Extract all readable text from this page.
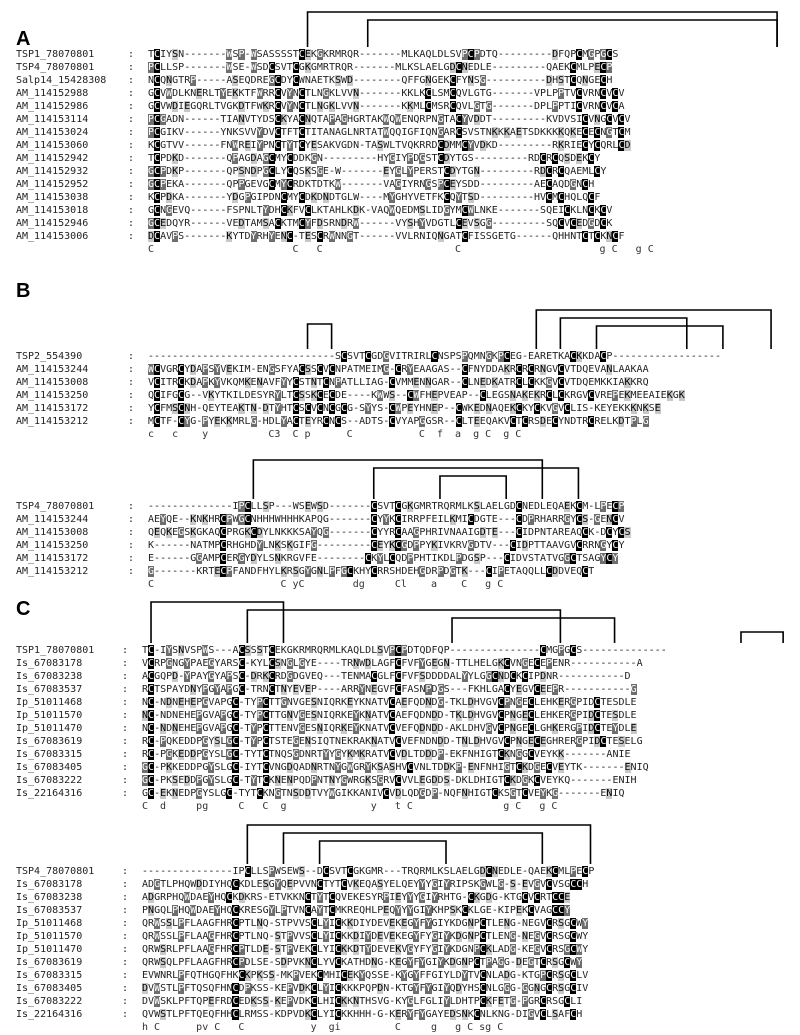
A
TSP1_78070801	: TCIYSN-------WSP-WSASSSSTCEKGKRMRQR-------MLKAQLDLSVPCPDTQ---------DFQPCMGPGCS
TSP4_78070801	: PCLLSP-------WSE-WSDCSVTCGKGMRTRQR-------MLKSLAELGDCNEDLE---------QAEKCMLPECP
Salp14_15428308 : NCQNGTRP-----ASEQDREGCDYCWNAETKSWD--------QFFGNGEKCFYNSG----------DHSTCQNGECH
AM_114152988	: GCVWDLKNERLTYEKKTFWRRCVYNCTLNGKLVVN-------KKLKCLSMCQVLGTG-------VPLPPTVCVRNCVCV
AM_114152986	: GCVWDIEGQRLTVGKDTFWKRCVYNCTLNGKLVVN-------KKMLCMSRCQVLGTG-------DPLPPTICVRNCVCA
AM_114153114	: PCGADN------TIANVTYDSCKYACNQTAPAGHGRTAKWQWENQRPNGTACYVDDT---------KVDVSICVNGCVCV
AM_114153024	: PCGIKV------YNKSVVYDVCTFTCTITANAGLNRTATWQQIGFIQNGARCSVSTNKKKAETSDKKKKQKECECNGTCM
AM_114153060	: KCGTVV------FNWREIYPNCTYTCYESAKVGDN-TASWLTVQKRRDCDMMCYVDKD---------RKRIECYCQRLCD
AM_114152942	: TCPDKD-------QPAGDAGCMYCDDKGN---------HYGIYPDGSTCDYTGS---------RDCRCQSDEKCY
AM_114152932	: GCPDKP-------QPSNDPGCLYCQSKSGE-W-------EYGLYPERSTCDYTGN---------RDCRCQAEMLCY
AM_114152952	: GCPEKA-------QPPGEVGCMYCRDKTDTKW-------VAGIYRNGSPCEYSDD---------AECAQDGNCH
AM_114153038	: KCPDKA-------YDGPGIPDNCMYCDKDNDTGLW----MYGHYVETFKCQYTSD---------HVCMCHQLQCF
AM_114153018	: GCNGEVQ------FSPNLTYDHCKFVCLKTAHLKDK-VAQWQEDMSLIDGYMCWLNKE-------SQEICKLNCKCV
AM_114152946	: GCEDQYR------VEDTAMSACKTMCYFDSRNDRW------VYSHYVDGTLCEVSGG---------SQCVCEDGDCK
AM_114153006	: DCAVPS-------KYTDYRHYENC-TESCRWNNGT------VVLRNIQNGATCFISSGETG------QHHNTCTCKNCF
C                       C   C                      C                       g C   g C
B
TSP2_554390	: -------------------------------SCSVTCGDGVITRIRLCNSPSPQMNGKPCEG-EARETKACKKDACP------------------
AM_114153244	: WCVGRCYDAPSYVEKIM-ENGSFYACSSCVCNPATMEIMG-CRYEAAGAS--CFNYDDAKRCRCRNGVCVTDQEVANLAAKAA
AM_114153008	: VCITRCKDAPKYVKQMKENAVFYYCSTNTCNPATLLIAG-CVMMENNGAR--CLNEDKATRCLCKKGVCVTDQEMKKIAKKRQ
AM_114153250	: QCIFGCG--VKYTKILDESYRYLTCSSKCECDE----KWWS--CWFHEPVEAP--CLEGSNAKEKRCLCKRGVCVREPEKMEEAIEKGK
AM_114153172	: YCFMSCNH-QEYTEAKTN-DTYHTCSCVCNCGCG-SYYS-CWPEYHNEP--CWKEDNAQEKCKYCKVGVCLIS-KEYEKKKNKSE
AM_114153212	: MCTF-CYG-PYEKKMRLG-HDLYACTEYRCNCS--ADTS-CVYAPGGSR--CLTEEQAKVCTCRSDECYNDTRCRELKDTPLG
c   c    y          C3  C p      C           C  f  a  g C  g C
TSP4_78070801	: --------------IPCLLSP---WSEWSD-------CSVTCGKGMRTRQRMLKSLAELGDCNEDLEQAEKCM-LPECP
AM_114153244	: AEYQE--KNKHRCPWGCNHHHWHHHKAPQG-------CYYKCIRRPFEILKMICDGTE---CDPRHARRGYCS-GENCV
AM_114153008	: QEQKEGSKGKAQCPRGKCDYLNKKKSAYQG-------CYYRCAAGPHRIVNAAIGDTE---CIDPNTAREAQCK-DCYCS
AM_114153250	: K------NATMPCRHGHDYLNKSKGIFG---------CEYKCGDPPYKIVKRVGDTV---CIDPTTAAVGVCRRNGYCY
AM_114153172	: E------GGAMPCERGYDYLSNKRGVFE--------CKYLCQDPPHTIKDLPDGSP---CIDVSTATVGGCTSAGYCY
AM_114153212	: G-------KRTECPFANDFHYLKRSGYGNLPFGCKHYCRRSHDEHGDRPDGTK---CIPETAQQLLCDDVEQCT
C                     C yC        dg     Cl    a    C   g C
C
TSP1_78070801	: TC-IYSNVSPWS---ACSSSTCEKGKRMRQRMLKAQLDLSVPCPDTQDFQP---------------CMGPGCS--------------
Is_67083178	: VCRPGNGYPAEGYARSC-KYLCSNGLGYE----TRNWDLAGFCFVFYGEGN-TTLHELGKCVNGECEPENR-----------A
Is_67083238	: ACGQPD-YPAYGYAPSC-DRKCRDGDGVEQ---TENMACGLFCFVFSDDDDALYYLGGCNDCKCIPDNR-----------D
Is_67083537	: RCTSPAYDNYPGYAPGC-TRNCTNYEVEP----ARRYNEGVFCFASNPDGS---FKHLGACYEGVCEEPR-----------G
Ip_51011468	: NC-NDNEHEPGVAPGC-TYPCTTGNVGESNIQRKEYKNATVCAEFQDNDG-TKLDHVGVCPNGECLEHKERGPIDCTESDLE
Ip_51011570	: NC-NDNEHEPGVAPGC-TYPCTTGNVGESNIQRKEYKNATVCAEFQDNDD-TKLDHVGVCPNGECLEHKERGPIDCTESDLE
Ip_51011470	: NC-NDNEHEPGVAPGC-TYPCTTENVGESNIQRKEYKNATVCVEFQDNDD-AKLDHVGVCPNGECLGHKERGPIDCTEYDLE
Is_67083619	: RC-PQKEDDPGYSLGC-TYPCTSTEGENSIQTNEKRAKNATVCVEFNDNDD-TNLDHVGVCPNGECEGHRERGPIDCTESELG
Is_67083315	: RC-PGKEDDPGYSLGC-TYTCTNQSGDNRTYYGYKMKRATVCVDLTDDDP-EKFNHIGTCKNGGCVEYKK-------ANIE
Is_67083405	: GC-PKKEDDPGYSLGC-IYTCVNGDQADNRTNYGWGRYKSASHVCVNLTDDKP-ENFNHIGTCKDGECVEYTK-------ENIQ
Is_67083222	: GC-PKSEDDPGYSLGC-TYTCKNENPQDPNTNYGWRGKSGRVCVVLEGDDS-DKLDHIGTCKDGKCVEYKQ-------ENIH
Is_22164316	: GC-EKNEDPGYSLGC-TYTCKNGTNSDDTVYWGIKKANIVCVDLQDGDP-NQFNHIGTCKSGTCVEYKG-------ENIQ
C  d     pg     C   C  g              y   t C               g C   g C
TSP4_78070801	: ---------------IPCLLSPWSEWS--DCSVTCGKGMR---TRQRMLKSLAELGDCNEDLE-QAEKCMLPECP
Is_67083178	: ADGTLPHQWDDIYHQCKDLESGYQEPVVNCTYTCVKEQASYELQEYYYGIYRIPSKGWLG-S-EVGVCVSGCCH
Is_67083238	: ADGRPHQWDAEYHQCKDKRS-ETVKKNCTYTCQVEKESYRPIEYYYGIYRHTG-CKGDG-KTGCVCRTCCE
Is_67083537	: PNGQLPHQWDAEYHQCKRESGYLPTVNCAYTCMKREQHLPEQYYYGIYKHPSKCKLGE-KIPEKCVAGCCY
Ip_51011468	: QRWSSLPFLAAGFHRCPTLNQ-STPVVSCLYICKKDIYDEVEKEGYFYGIYKDGNPCTLENG-NEGVCRSGCWY
Ip_51011570	: QRWSSLPFLAAGFHRCPTLNQ-STPVVSCLYICKKDIYDEVEKEGYFYGIYKDGNPCTLENG-NEGVCRSGCWY
Ip_51011470	: QRWSRLPFLAAGFHRCPTLDE-STPVEKCLYICKKDTYDEVEKVGYFYGIYKDGNPCKLADG-KEGVCRSGCWY
Is_67083619	: QRWSQLPFLAAGFHRCPDLSE-SDPVKNCLYVCKATHDNG-KEGYFYGIYKDGNPCTPAGG-DEGTCRSGCWY
Is_67083315	: EVWNRLPFQTHGQFHKCKPKSS-MKPVEKCMHICEKYQSSE-KYGYFFGIYLDYTVCNLADG-KTGPCRSGCLV
Is_67083405	: DVWSTLPFTQSQFHNCDPKSS-KEPVDKCLYICKKKPQPDN-KTGYFYGIYQDYHSCNLGGG-GGNGCRSGCIV
Is_67083222	: DVWSKLPFTQPEFRDCEDKSS-KEPVDKCLHICKKNTHSVG-KYGLFGLIYLDHTPCKFETG-PGRCRSGCLI
Is_22164316	: QVWSTLPFTQEQFHHCLRMSS-KDPVDKCLYICKKHHH-G-KERYFYGAYEDSNKCNLKNG-DIGVCLSAFCH
h C      pv C   C           y  gi         C     g   g C sg C
